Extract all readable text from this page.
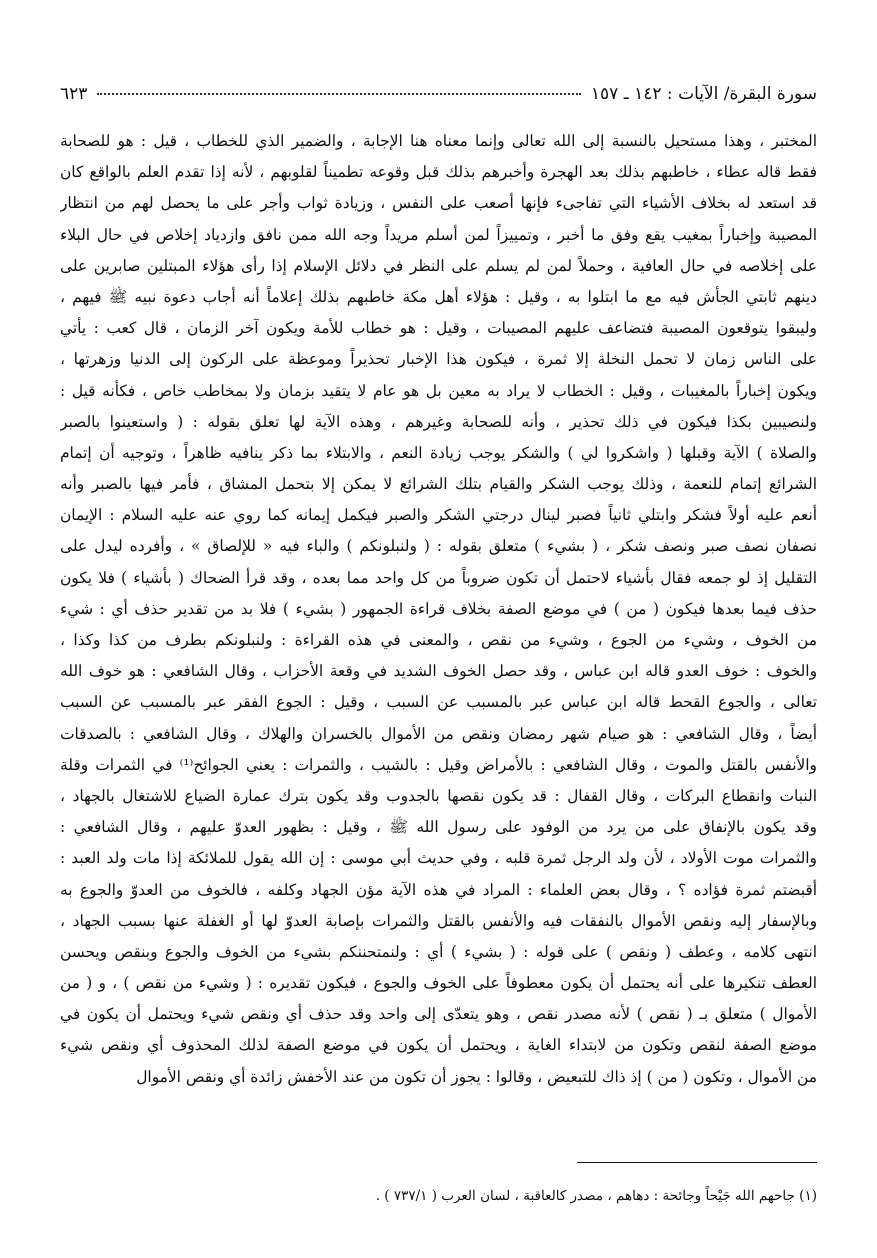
سورة البقرة/ الآيات : ١٤٢ ـ ١٥٧
٦٢٣
المختبر ، وهذا مستحيل بالنسبة إلى الله تعالى وإنما معناه هنا الإجابة ، والضمير الذي للخطاب ، قيل : هو للصحابة
فقط قاله عطاء ، خاطبهم بذلك بعد الهجرة وأخبرهم بذلك قبل وقوعه تطميناً لقلوبهم ، لأنه إذا تقدم العلم بالواقع كان
قد استعد له بخلاف الأشياء التي تفاجىء فإنها أصعب على النفس ، وزيادة ثواب وأجر على ما يحصل لهم من انتظار
المصيبة وإخباراً بمغيب يقع وفق ما أخبر ، وتمييزاً لمن أسلم مريداً وجه الله ممن نافق وازدياد إخلاص في حال البلاء
على إخلاصه في حال العافية ، وحملاً لمن لم يسلم على النظر في دلائل الإسلام إذا رأى هؤلاء المبتلين صابرين على
دينهم ثابتي الجأش فيه مع ما ابتلوا به ، وقيل : هؤلاء أهل مكة خاطبهم بذلك إعلاماً أنه أجاب دعوة نبيه ﷺ فيهم ،
وليبقوا يتوقعون المصيبة فتضاعف عليهم المصيبات ، وقيل : هو خطاب للأمة ويكون آخر الزمان ، قال كعب : يأتي
على الناس زمان لا تحمل النخلة إلا ثمرة ، فيكون هذا الإخبار تحذيراً وموعظة على الركون إلى الدنيا وزهرتها ،
ويكون إخباراً بالمغيبات ، وقيل : الخطاب لا يراد به معين بل هو عام لا يتقيد بزمان ولا بمخاطب خاص ، فكأنه قيل :
ولنصيبين بكذا فيكون في ذلك تحذير ، وأنه للصحابة وغيرهم ، وهذه الآية لها تعلق بقوله : ( واستعينوا بالصبر
والصلاة ) الآية وقبلها ( واشكروا لي ) والشكر يوجب زيادة النعم ، والابتلاء بما ذكر ينافيه ظاهراً ، وتوجيه أن إتمام
الشرائع إتمام للنعمة ، وذلك يوجب الشكر والقيام بتلك الشرائع لا يمكن إلا بتحمل المشاق ، فأمر فيها بالصبر وأنه
أنعم عليه أولاً فشكر وابتلي ثانياً فصبر لينال درجتي الشكر والصبر فيكمل إيمانه كما روي عنه عليه السلام : الإيمان
نصفان نصف صبر ونصف شكر ، ( بشيء ) متعلق بقوله : ( ولنبلونكم ) والباء فيه « للإلصاق » ، وأفرده ليدل على
التقليل إذ لو جمعه فقال بأشياء لاحتمل أن تكون ضروباً من كل واحد مما بعده ، وقد قرأ الضحاك ( بأشياء ) فلا يكون
حذف فيما بعدها فيكون ( من ) في موضع الصفة بخلاف قراءة الجمهور ( بشيء ) فلا بد من تقدير حذف أي : شيء
من الخوف ، وشيء من الجوع ، وشيء من نقص ، والمعنى في هذه القراءة : ولنبلونكم بطرف من كذا وكذا ،
والخوف : خوف العدو قاله ابن عباس ، وقد حصل الخوف الشديد في وقعة الأحزاب ، وقال الشافعي : هو خوف الله
تعالى ، والجوع القحط قاله ابن عباس عبر بالمسبب عن السبب ، وقيل : الجوع الفقر عبر بالمسبب عن السبب
أيضاً ، وقال الشافعي : هو صيام شهر رمضان ونقص من الأموال بالخسران والهلاك ، وقال الشافعي : بالصدقات
والأنفس بالقتل والموت ، وقال الشافعي : بالأمراض وقيل : بالشيب ، والثمرات : يعني الجوائح⁽¹⁾ في الثمرات وقلة
النبات وانقطاع البركات ، وقال القفال : قد يكون نقصها بالجدوب وقد يكون بترك عمارة الضياع للاشتغال بالجهاد ،
وقد يكون بالإنفاق على من يرد من الوفود على رسول الله ﷺ ، وقيل : بظهور العدوّ عليهم ، وقال الشافعي :
والثمرات موت الأولاد ، لأن ولد الرجل ثمرة قلبه ، وفي حديث أبي موسى : إن الله يقول للملائكة إذا مات ولد العبد :
أقبضتم ثمرة فؤاده ؟ ، وقال بعض العلماء : المراد في هذه الآية مؤن الجهاد وكلفه ، فالخوف من العدوّ والجوع به
وبالإسفار إليه ونقص الأموال بالنفقات فيه والأنفس بالقتل والثمرات بإصابة العدوّ لها أو الغفلة عنها بسبب الجهاد ،
انتهى كلامه ، وعطف ( ونقص ) على قوله : ( بشيء ) أي : ولنمتحننكم بشيء من الخوف والجوع وبنقص ويحسن
العطف تنكيرها على أنه يحتمل أن يكون معطوفاً على الخوف والجوع ، فيكون تقديره : ( وشيء من نقص ) ، و ( من
الأموال ) متعلق بـ ( نقص ) لأنه مصدر نقص ، وهو يتعدّى إلى واحد وقد حذف أي ونقص شيء ويحتمل أن يكون في
موضع الصفة لنقص وتكون من لابتداء الغاية ، ويحتمل أن يكون في موضع الصفة لذلك المحذوف أي ونقص شيء
من الأموال ، وتكون ( من ) إذ ذاك للتبعيض ، وقالوا : يجوز أن تكون من عند الأخفش زائدة أي ونقص الأموال
(١) جاحهم الله جَيْحاً وجائحة : دهاهم ، مصدر كالعاقبة ، لسان العرب ( ٧٣٧/١ ) .
